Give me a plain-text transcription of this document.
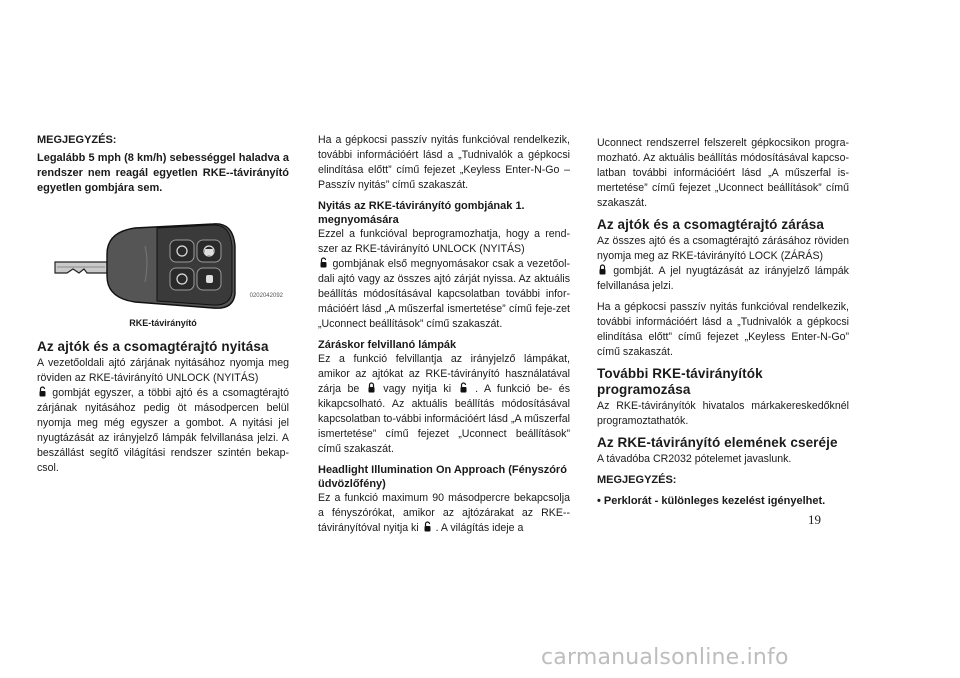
MEGJEGYZÉS:
Legalább 5 mph (8 km/h) sebességgel haladva a rendszer nem reagál egyetlen RKE--távirányító egyetlen gombjára sem.
0202042092
RKE-távirányító
Az ajtók és a csomagtérajtó nyitása

A vezetőoldali ajtó zárjának nyitásához nyomja meg röviden az RKE-távirányító UNLOCK (NYITÁS)
gombját egyszer, a többi ajtó és a csomagtérajtó zárjának nyitásához pedig öt másodpercen belül nyomja meg még egyszer a gombot. A nyitási jel nyugtázását az irányjelző lámpák felvillanása jelzi. A beszállást segítő világítási rendszer szintén bekap-csol.

Ha a gépkocsi passzív nyitás funkcióval rendelkezik, további információért lásd a „Tudnivalók a gépkocsi elindítása előtt” című fejezet „Keyless Enter-N-Go – Passzív nyitás” című szakaszát.

Nyitás az RKE-távirányító gombjának 1. megnyomására

Ezzel a funkcióval beprogramozhatja, hogy a rend-szer az RKE-távirányító UNLOCK (NYITÁS)
gombjának első megnyomásakor csak a vezetőol-dali ajtó vagy az összes ajtó zárját nyissa. Az aktuális beállítás módosításával kapcsolatban további infor-mációért lásd „A műszerfal ismertetése” című feje-zet „Uconnect beállítások” című szakaszát.

Záráskor felvillanó lámpák

Ez a funkció felvillantja az irányjelző lámpákat, amikor az ajtókat az RKE-távirányító használatával zárja be vagy nyitja ki . A funkció be- és kikapcsolható. Az aktuális beállítás módosításával kapcsolatban to-vábbi információért lásd „A műszerfal ismertetése” című fejezet „Uconnect beállítások” című szakaszát.

Headlight Illumination On Approach (Fényszóró üdvözlőfény)

Ez a funkció maximum 90 másodpercre bekapcsolja a fényszórókat, amikor az ajtózárakat az RKE--távirányítóval nyitja ki . A világítás ideje a

Uconnect rendszerrel felszerelt gépkocsikon progra-mozható. Az aktuális beállítás módosításával kapcso-latban további információért lásd „A műszerfal is-mertetése” című fejezet „Uconnect beállítások” című szakaszát.

Az ajtók és a csomagtérajtó zárása

Az összes ajtó és a csomagtérajtó zárásához röviden nyomja meg az RKE-távirányító LOCK (ZÁRÁS)
gombját. A jel nyugtázását az irányjelző lámpák felvillanása jelzi.

Ha a gépkocsi passzív nyitás funkcióval rendelkezik, további információért lásd a „Tudnivalók a gépkocsi elindítása előtt” című fejezet „Keyless Enter-N-Go” című szakaszát.

További RKE-távirányítók programozása

Az RKE-távirányítók hivatalos márkakereskedőknél programoztathatók.

Az RKE-távirányító elemének cseréje

A távadóba CR2032 pótelemet javaslunk.

MEGJEGYZÉS:
• Perklorát - különleges kezelést igényelhet.
19
carmanualsonline.info
